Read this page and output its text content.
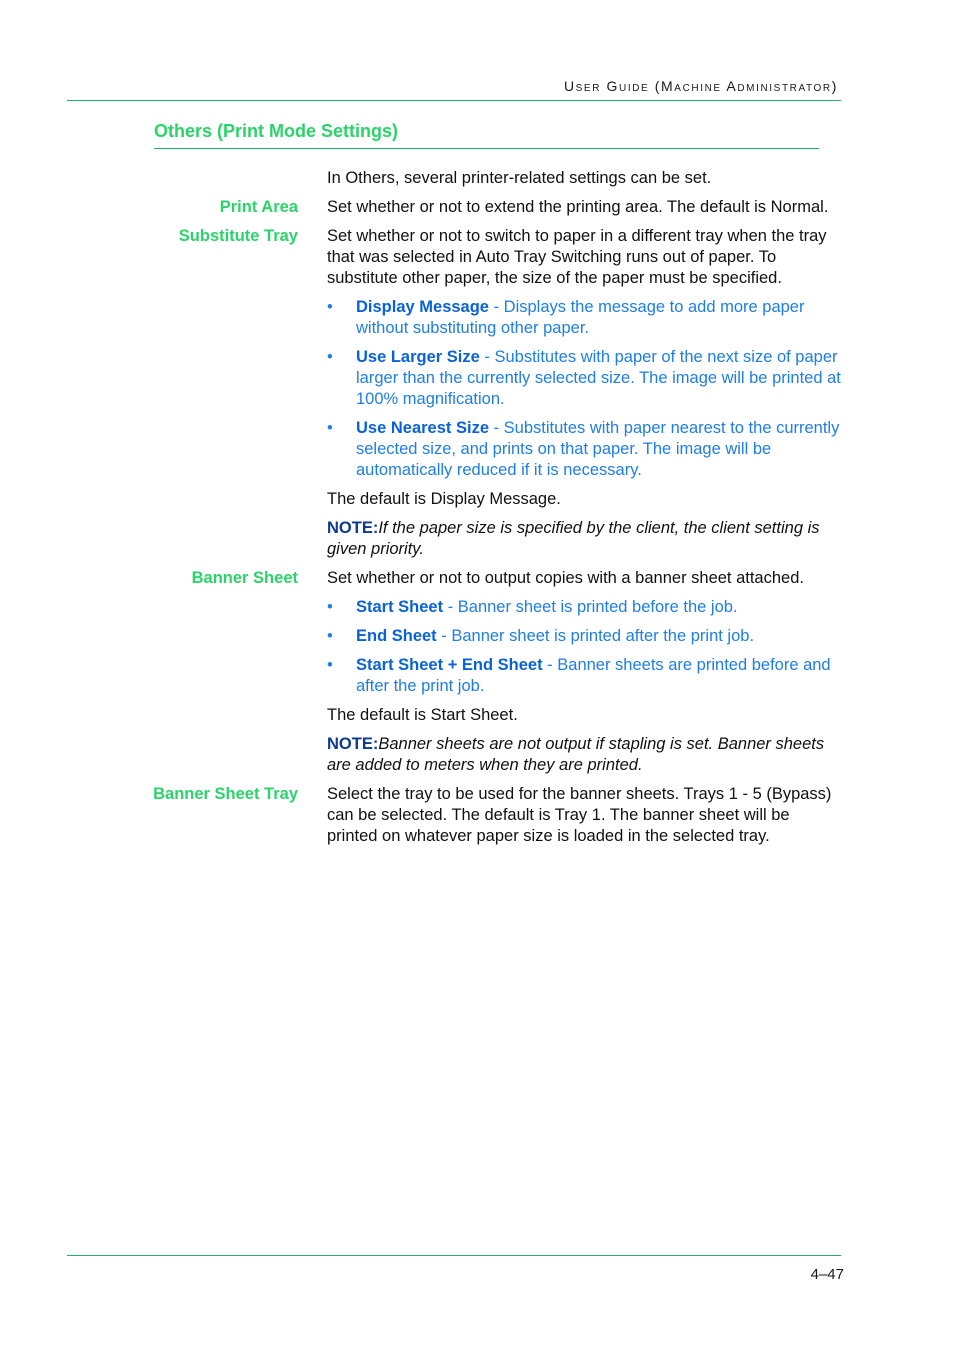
User Guide (Machine Administrator)
Others (Print Mode Settings)
In Others, several printer-related settings can be set.
Print Area Set whether or not to extend the printing area. The default is Normal.
Substitute Tray Set whether or not to switch to paper in a different tray when the tray that was selected in Auto Tray Switching runs out of paper. To substitute other paper, the size of the paper must be specified.
• Display Message - Displays the message to add more paper without substituting other paper.
• Use Larger Size - Substitutes with paper of the next size of paper larger than the currently selected size. The image will be printed at 100% magnification.
• Use Nearest Size - Substitutes with paper nearest to the currently selected size, and prints on that paper. The image will be automatically reduced if it is necessary.
The default is Display Message.
NOTE:If the paper size is specified by the client, the client setting is given priority.
Banner Sheet Set whether or not to output copies with a banner sheet attached.
• Start Sheet - Banner sheet is printed before the job.
• End Sheet - Banner sheet is printed after the print job.
• Start Sheet + End Sheet - Banner sheets are printed before and after the print job.
The default is Start Sheet.
NOTE:Banner sheets are not output if stapling is set. Banner sheets are added to meters when they are printed.
Banner Sheet Tray Select the tray to be used for the banner sheets. Trays 1 - 5 (Bypass) can be selected. The default is Tray 1. The banner sheet will be printed on whatever paper size is loaded in the selected tray.
4–47
